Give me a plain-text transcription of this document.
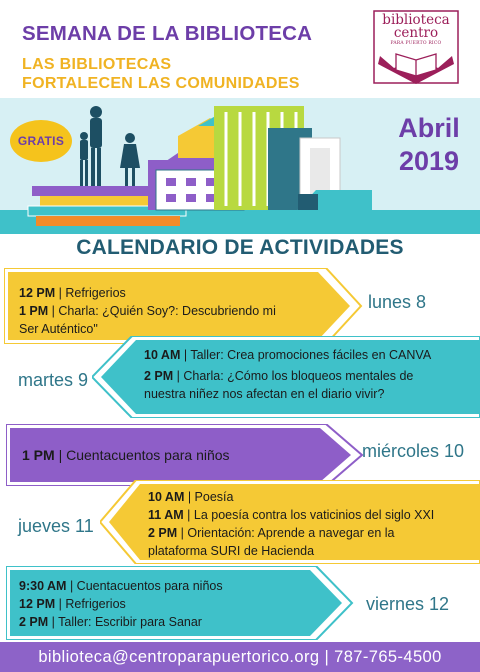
SEMANA DE LA BIBLIOTECA
LAS BIBLIOTECAS
FORTALECEN LAS COMUNIDADES
biblioteca
centro
PARA PUERTO RICO
GRATIS	Abril
2019
CALENDARIO DE ACTIVIDADES
12 PM | Refrigerios
1 PM | Charla: ¿Quién Soy?: Descubriendo mi
Ser Auténtico"
lunes 8
10 AM | Taller: Crea promociones fáciles en CANVA
2 PM | Charla: ¿Cómo los bloqueos mentales de
nuestra niñez nos afectan en el diario vivir?
martes 9
1 PM | Cuentacuentos para niños	miércoles 10
10 AM | Poesía
11 AM | La poesía contra los vaticinios del siglo XXI
2 PM | Orientación: Aprende a navegar en la
plataforma SURI de Hacienda
jueves 11
9:30 AM | Cuentacuentos para niños
12 PM | Refrigerios
2 PM | Taller: Escribir para Sanar
viernes 12
biblioteca@centroparapuertorico.org | 787-765-4500
